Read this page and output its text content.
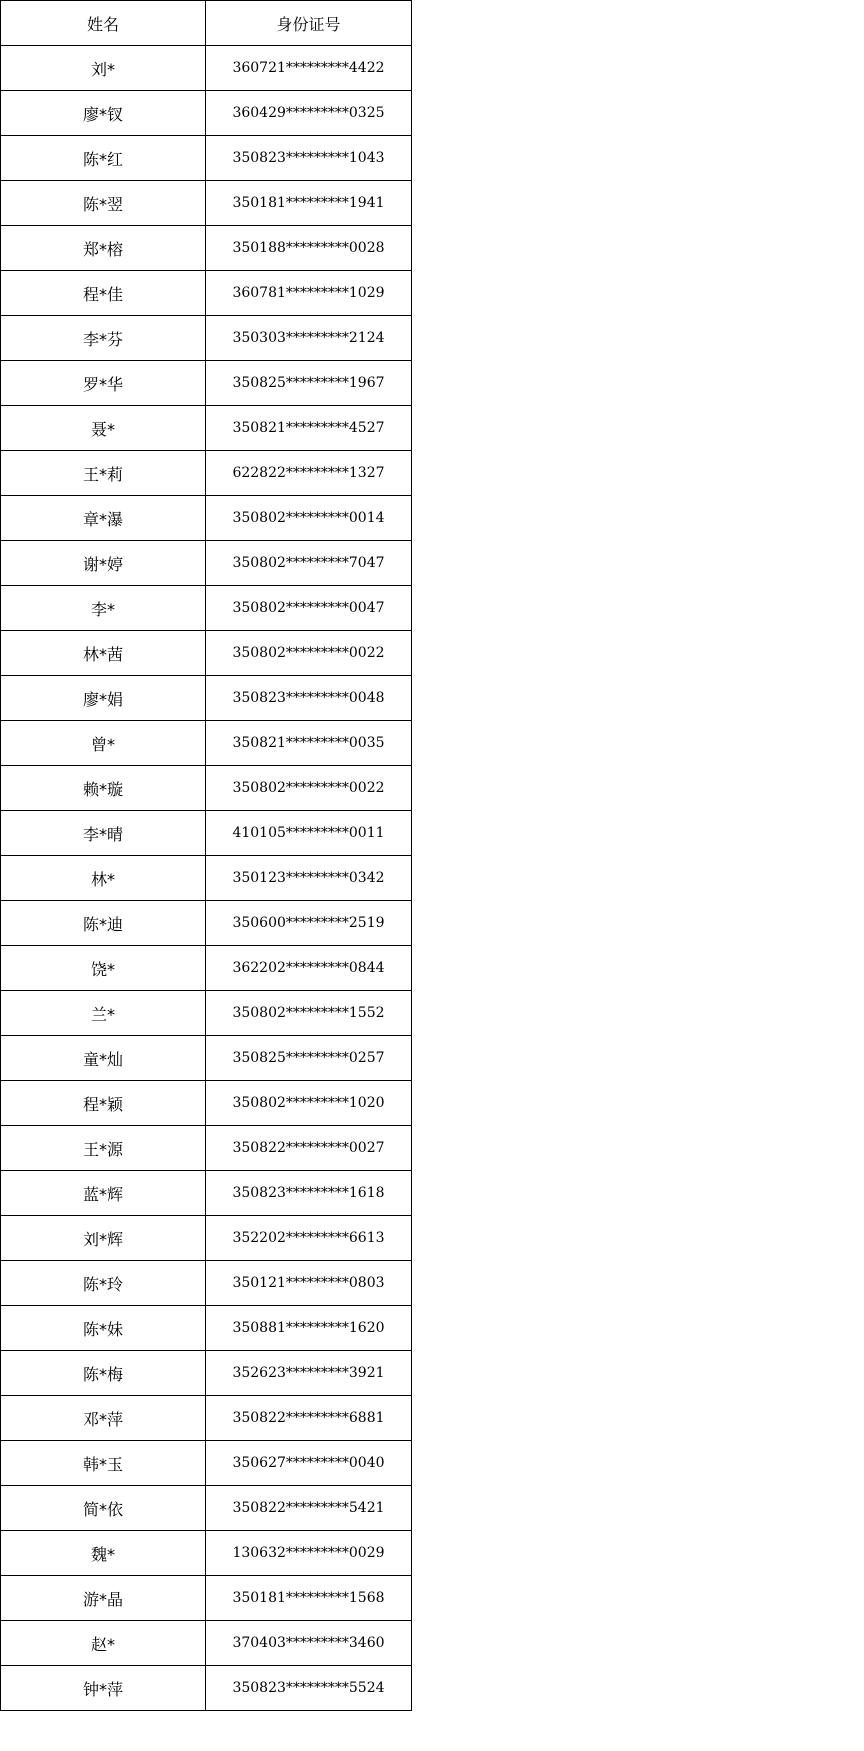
姓名	身份证号
刘*	360721*********4422
廖*钗	360429*********0325
陈*红	350823*********1043
陈*翌	350181*********1941
郑*榕	350188*********0028
程*佳	360781*********1029
李*芬	350303*********2124
罗*华	350825*********1967
聂*	350821*********4527
王*莉	622822*********1327
章*瀑	350802*********0014
谢*婷	350802*********7047
李*	350802*********0047
林*茜	350802*********0022
廖*娟	350823*********0048
曾*	350821*********0035
赖*璇	350802*********0022
李*晴	410105*********0011
林*	350123*********0342
陈*迪	350600*********2519
饶*	362202*********0844
兰*	350802*********1552
童*灿	350825*********0257
程*颖	350802*********1020
王*源	350822*********0027
蓝*辉	350823*********1618
刘*辉	352202*********6613
陈*玲	350121*********0803
陈*妹	350881*********1620
陈*梅	352623*********3921
邓*萍	350822*********6881
韩*玉	350627*********0040
简*依	350822*********5421
魏*	130632*********0029
游*晶	350181*********1568
赵*	370403*********3460
钟*萍	350823*********5524
